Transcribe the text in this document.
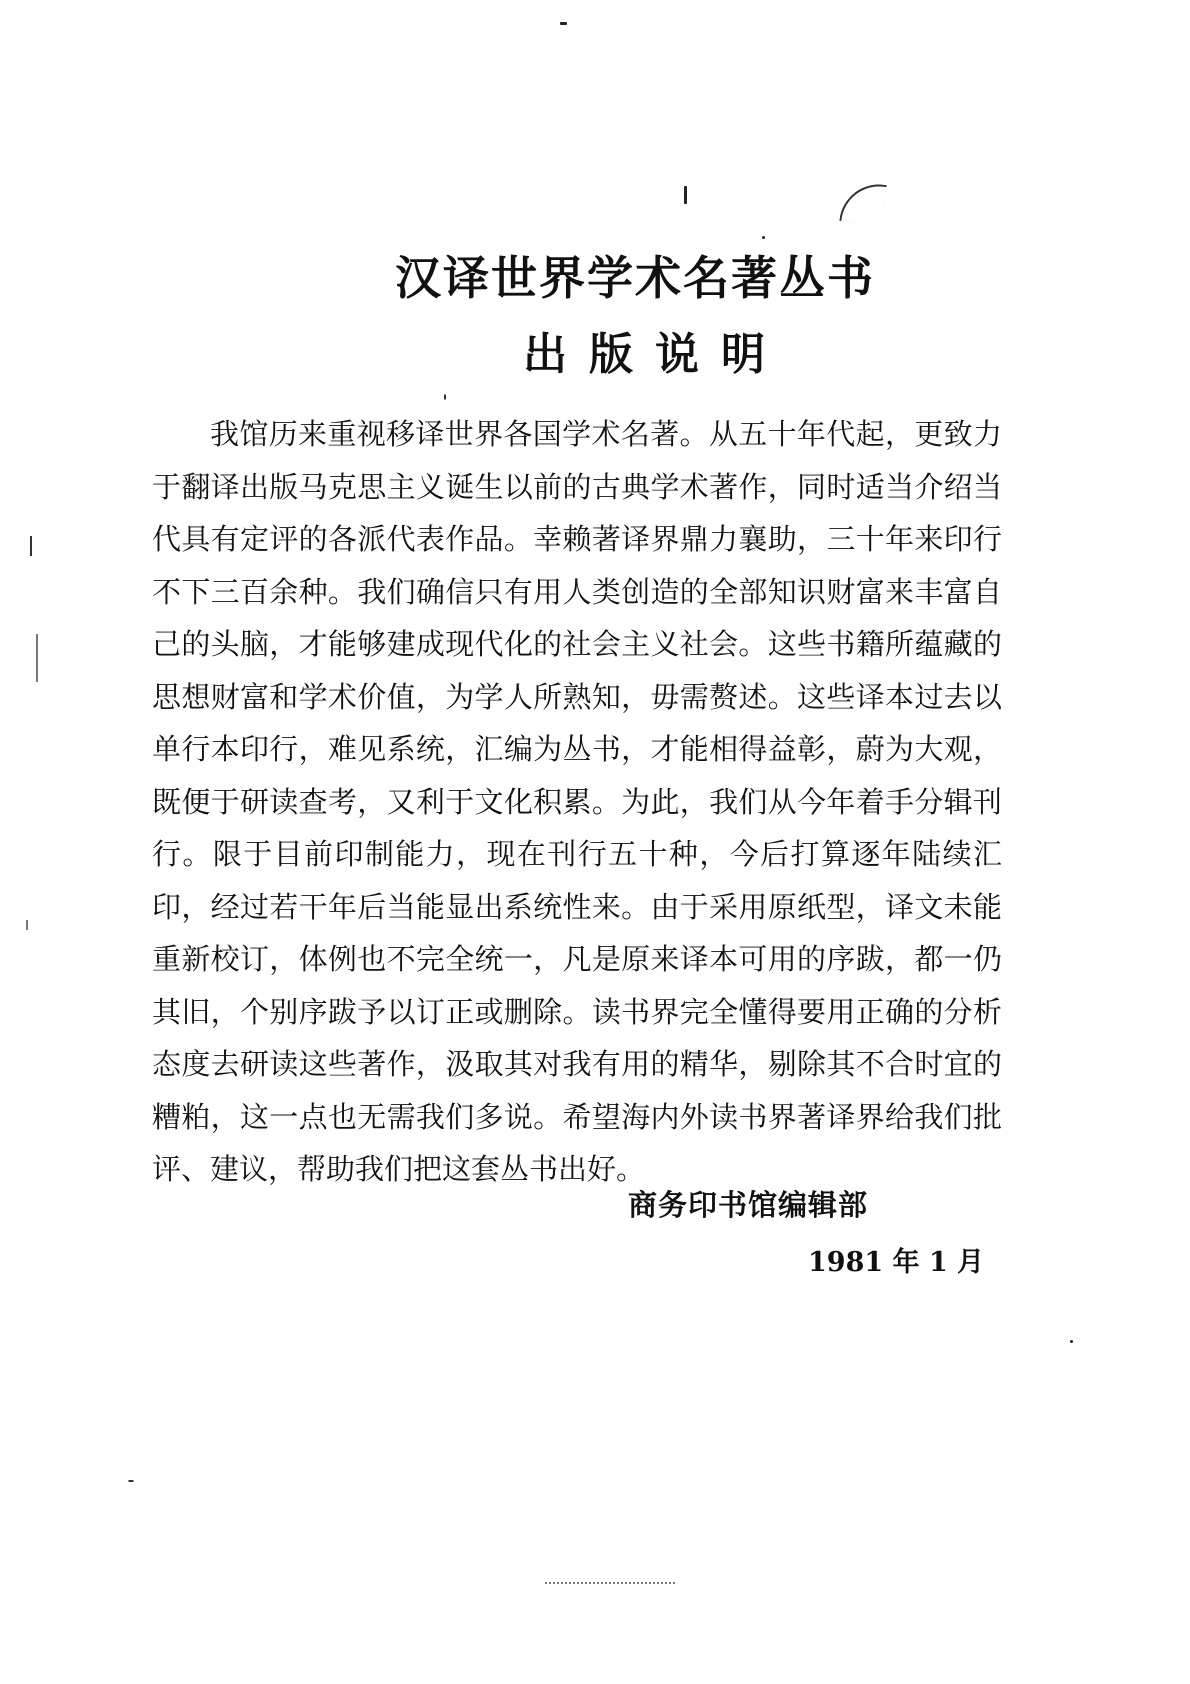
汉译世界学术名著丛书
出版说明

我馆历来重视移译世界各国学术名著。从五十年代起，更致力于翻译出版马克思主义诞生以前的古典学术著作，同时适当介绍当代具有定评的各派代表作品。幸赖著译界鼎力襄助，三十年来印行不下三百余种。我们确信只有用人类创造的全部知识财富来丰富自己的头脑，才能够建成现代化的社会主义社会。这些书籍所蕴藏的思想财富和学术价值，为学人所熟知，毋需赘述。这些译本过去以单行本印行，难见系统，汇编为丛书，才能相得益彰，蔚为大观，既便于研读查考，又利于文化积累。为此，我们从今年着手分辑刊行。限于目前印制能力，现在刊行五十种，今后打算逐年陆续汇印，经过若干年后当能显出系统性来。由于采用原纸型，译文未能重新校订，体例也不完全统一，凡是原来译本可用的序跋，都一仍其旧，个别序跋予以订正或删除。读书界完全懂得要用正确的分析态度去研读这些著作，汲取其对我有用的精华，剔除其不合时宜的糟粕，这一点也无需我们多说。希望海内外读书界著译界给我们批评、建议，帮助我们把这套丛书出好。

商务印书馆编辑部
1981 年 1 月
